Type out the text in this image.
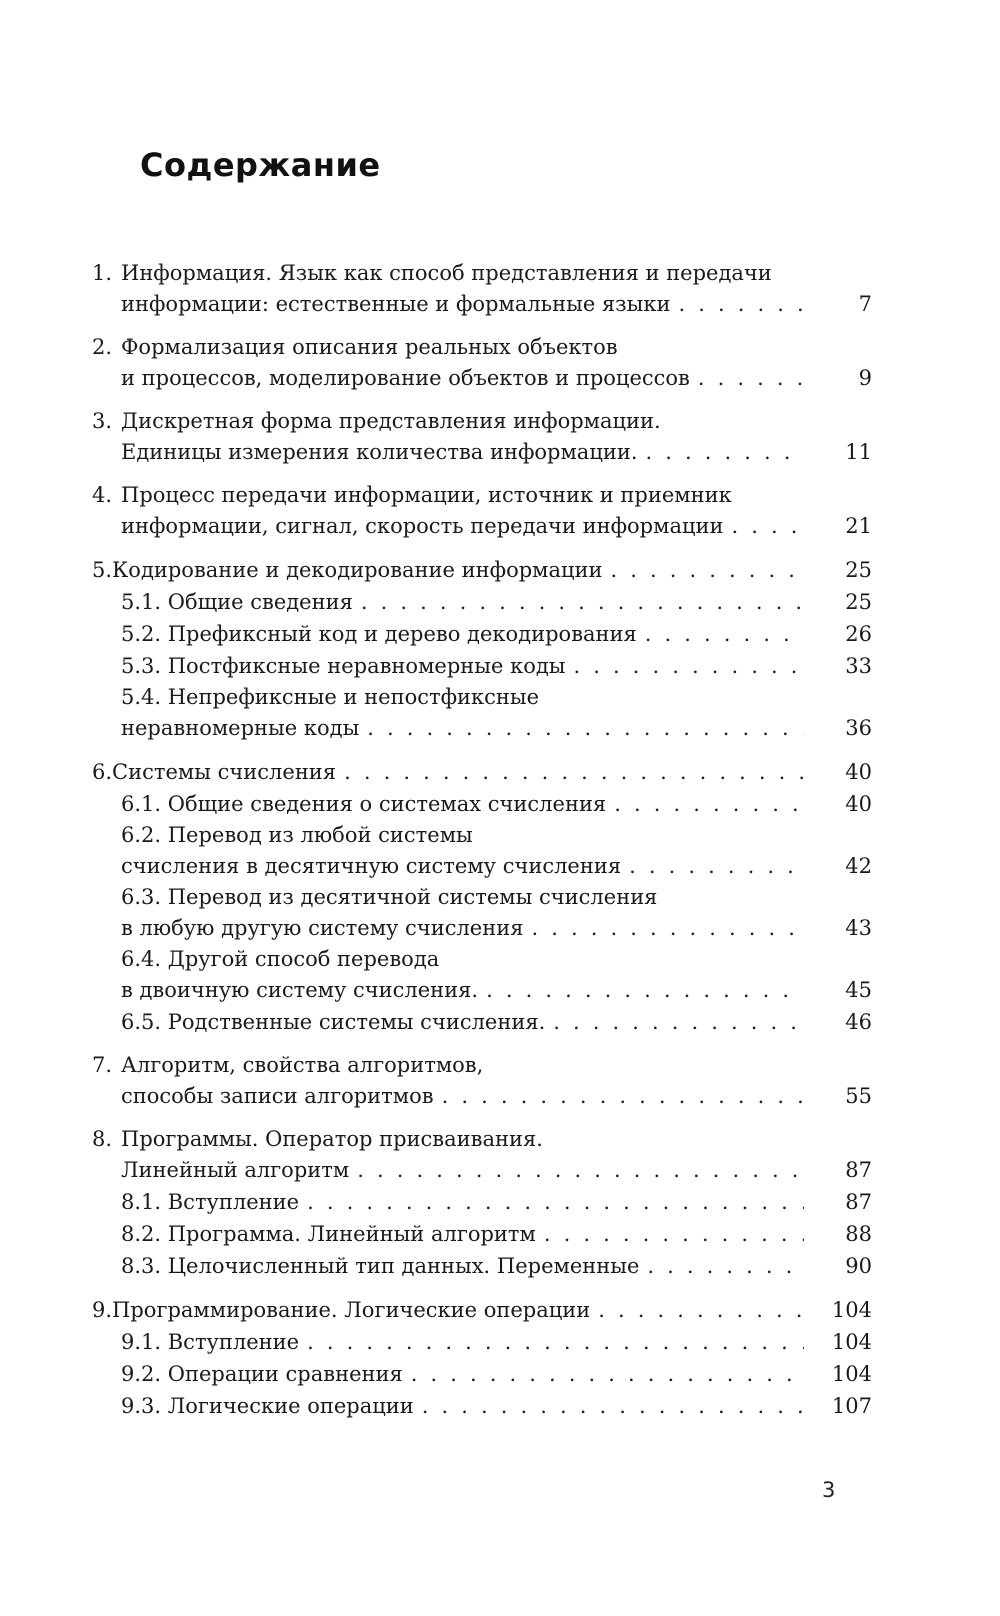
Содержание
1. Информация. Язык как способ представления и передачи
информации: естественные и формальные языки . . .	7
2. Формализация описания реальных объектов
и процессов, моделирование объектов и процессов . . .	9
3. Дискретная форма представления информации.
Единицы измерения количества информации. . . .	11
4. Процесс передачи информации, источник и приемник
информации, сигнал, скорость передачи информации . . .	21
5. Кодирование и декодирование информации . . .	25
5.1. Общие сведения . . .	25
5.2. Префиксный код и дерево декодирования . . .	26
5.3. Постфиксные неравномерные коды . . .	33
5.4. Непрефиксные и непостфиксные
неравномерные коды . . .	36
6. Системы счисления . . .	40
6.1. Общие сведения о системах счисления . . .	40
6.2. Перевод из любой системы
счисления в десятичную систему счисления . . .	42
6.3. Перевод из десятичной системы счисления
в любую другую систему счисления . . .	43
6.4. Другой способ перевода
в двоичную систему счисления. . . .	45
6.5. Родственные системы счисления. . . .	46
7. Алгоритм, свойства алгоритмов,
способы записи алгоритмов . . .	55
8. Программы. Оператор присваивания.
Линейный алгоритм . . .	87
8.1. Вступление . . .	87
8.2. Программа. Линейный алгоритм . . .	88
8.3. Целочисленный тип данных. Переменные . . .	90
9. Программирование. Логические операции . . .	104
9.1. Вступление . . .	104
9.2. Операции сравнения . . .	104
9.3. Логические операции . . .	107
3
